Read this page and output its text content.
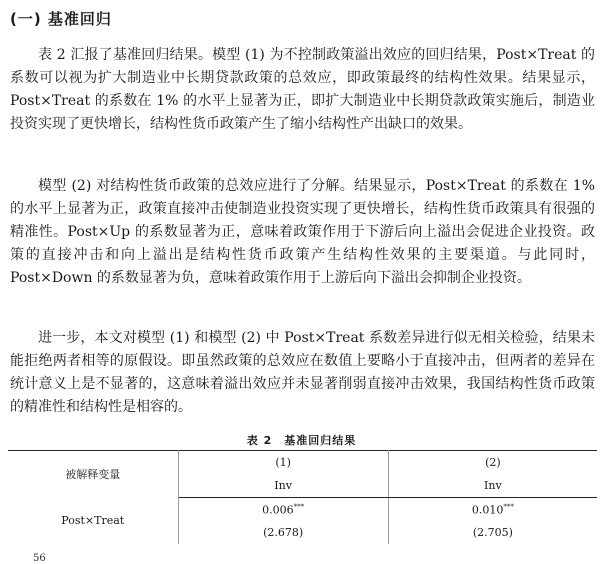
(一) 基准回归

表 2 汇报了基准回归结果。模型 (1) 为不控制政策溢出效应的回归结果，Post×Treat 的系数可以视为扩大制造业中长期贷款政策的总效应，即政策最终的结构性效果。结果显示，Post×Treat 的系数在 1% 的水平上显著为正，即扩大制造业中长期贷款政策实施后，制造业投资实现了更快增长，结构性货币政策产生了缩小结构性产出缺口的效果。

模型 (2) 对结构性货币政策的总效应进行了分解。结果显示，Post×Treat 的系数在 1% 的水平上显著为正，政策直接冲击使制造业投资实现了更快增长，结构性货币政策具有很强的精准性。Post×Up 的系数显著为正，意味着政策作用于下游后向上溢出会促进企业投资。政策的直接冲击和向上溢出是结构性货币政策产生结构性效果的主要渠道。与此同时，Post×Down 的系数显著为负，意味着政策作用于上游后向下溢出会抑制企业投资。

进一步，本文对模型 (1) 和模型 (2) 中 Post×Treat 系数差异进行似无相关检验，结果未能拒绝两者相等的原假设。即虽然政策的总效应在数值上要略小于直接冲击，但两者的差异在统计意义上是不显著的，这意味着溢出效应并未显著削弱直接冲击效果，我国结构性货币政策的精准性和结构性是相容的。

表 2　基准回归结果
被解释变量	(1)	(2)
	Inv	Inv
Post×Treat	0.006***	0.010***
	(2.678)	(2.705)
56
